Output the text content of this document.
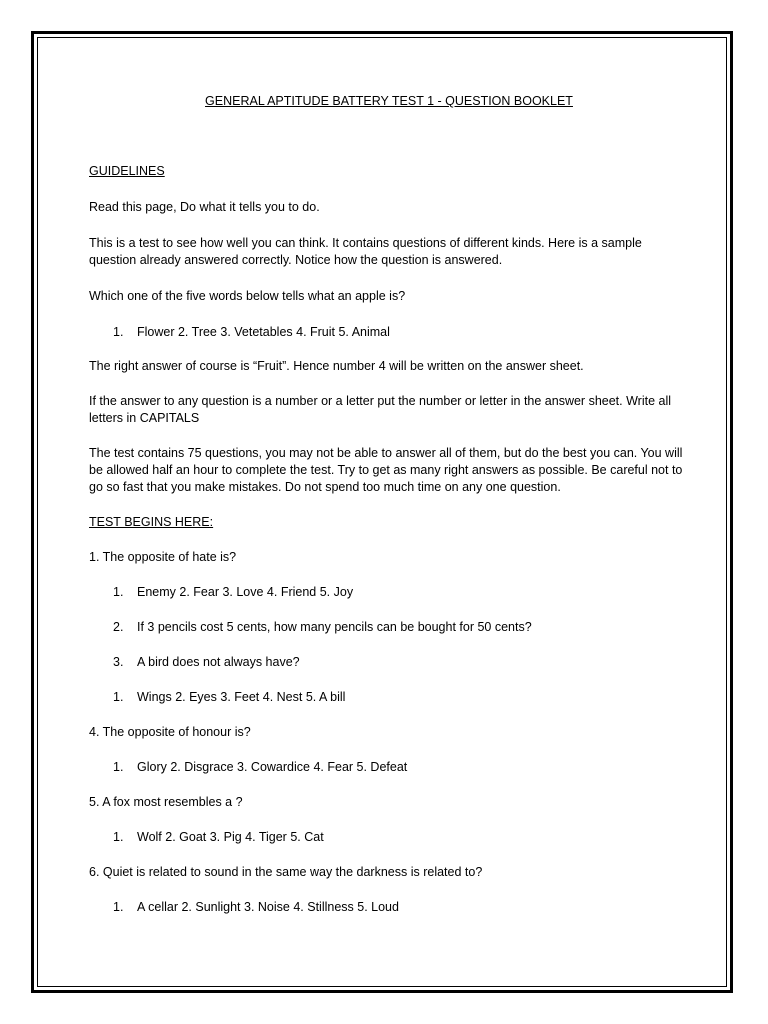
GENERAL APTITUDE BATTERY TEST 1 - QUESTION BOOKLET

GUIDELINES

Read this page, Do what it tells you to do.

This is a test to see how well you can think. It contains questions of different kinds. Here is a sample question already answered correctly. Notice how the question is answered.

Which one of the five words below tells what an apple is?

1. Flower 2. Tree 3. Vetetables 4. Fruit 5. Animal

The right answer of course is “Fruit”. Hence number 4 will be written on the answer sheet.

If the answer to any question is a number or a letter put the number or letter in the answer sheet. Write all letters in CAPITALS

The test contains 75 questions, you may not be able to answer all of them, but do the best you can. You will be allowed half an hour to complete the test. Try to get as many right answers as possible. Be careful not to go so fast that you make mistakes. Do not spend too much time on any one question.

TEST BEGINS HERE:

1. The opposite of hate is?

1. Enemy 2. Fear 3. Love 4. Friend 5. Joy

2. If 3 pencils cost 5 cents, how many pencils can be bought for 50 cents?

3. A bird does not always have?

1. Wings 2. Eyes 3. Feet 4. Nest 5. A bill

4. The opposite of honour is?

1. Glory 2. Disgrace 3. Cowardice 4. Fear 5. Defeat

5. A fox most resembles a ?

1. Wolf 2. Goat 3. Pig 4. Tiger 5. Cat

6. Quiet is related to sound in the same way the darkness is related to?

1. A cellar 2. Sunlight 3. Noise 4. Stillness 5. Loud
